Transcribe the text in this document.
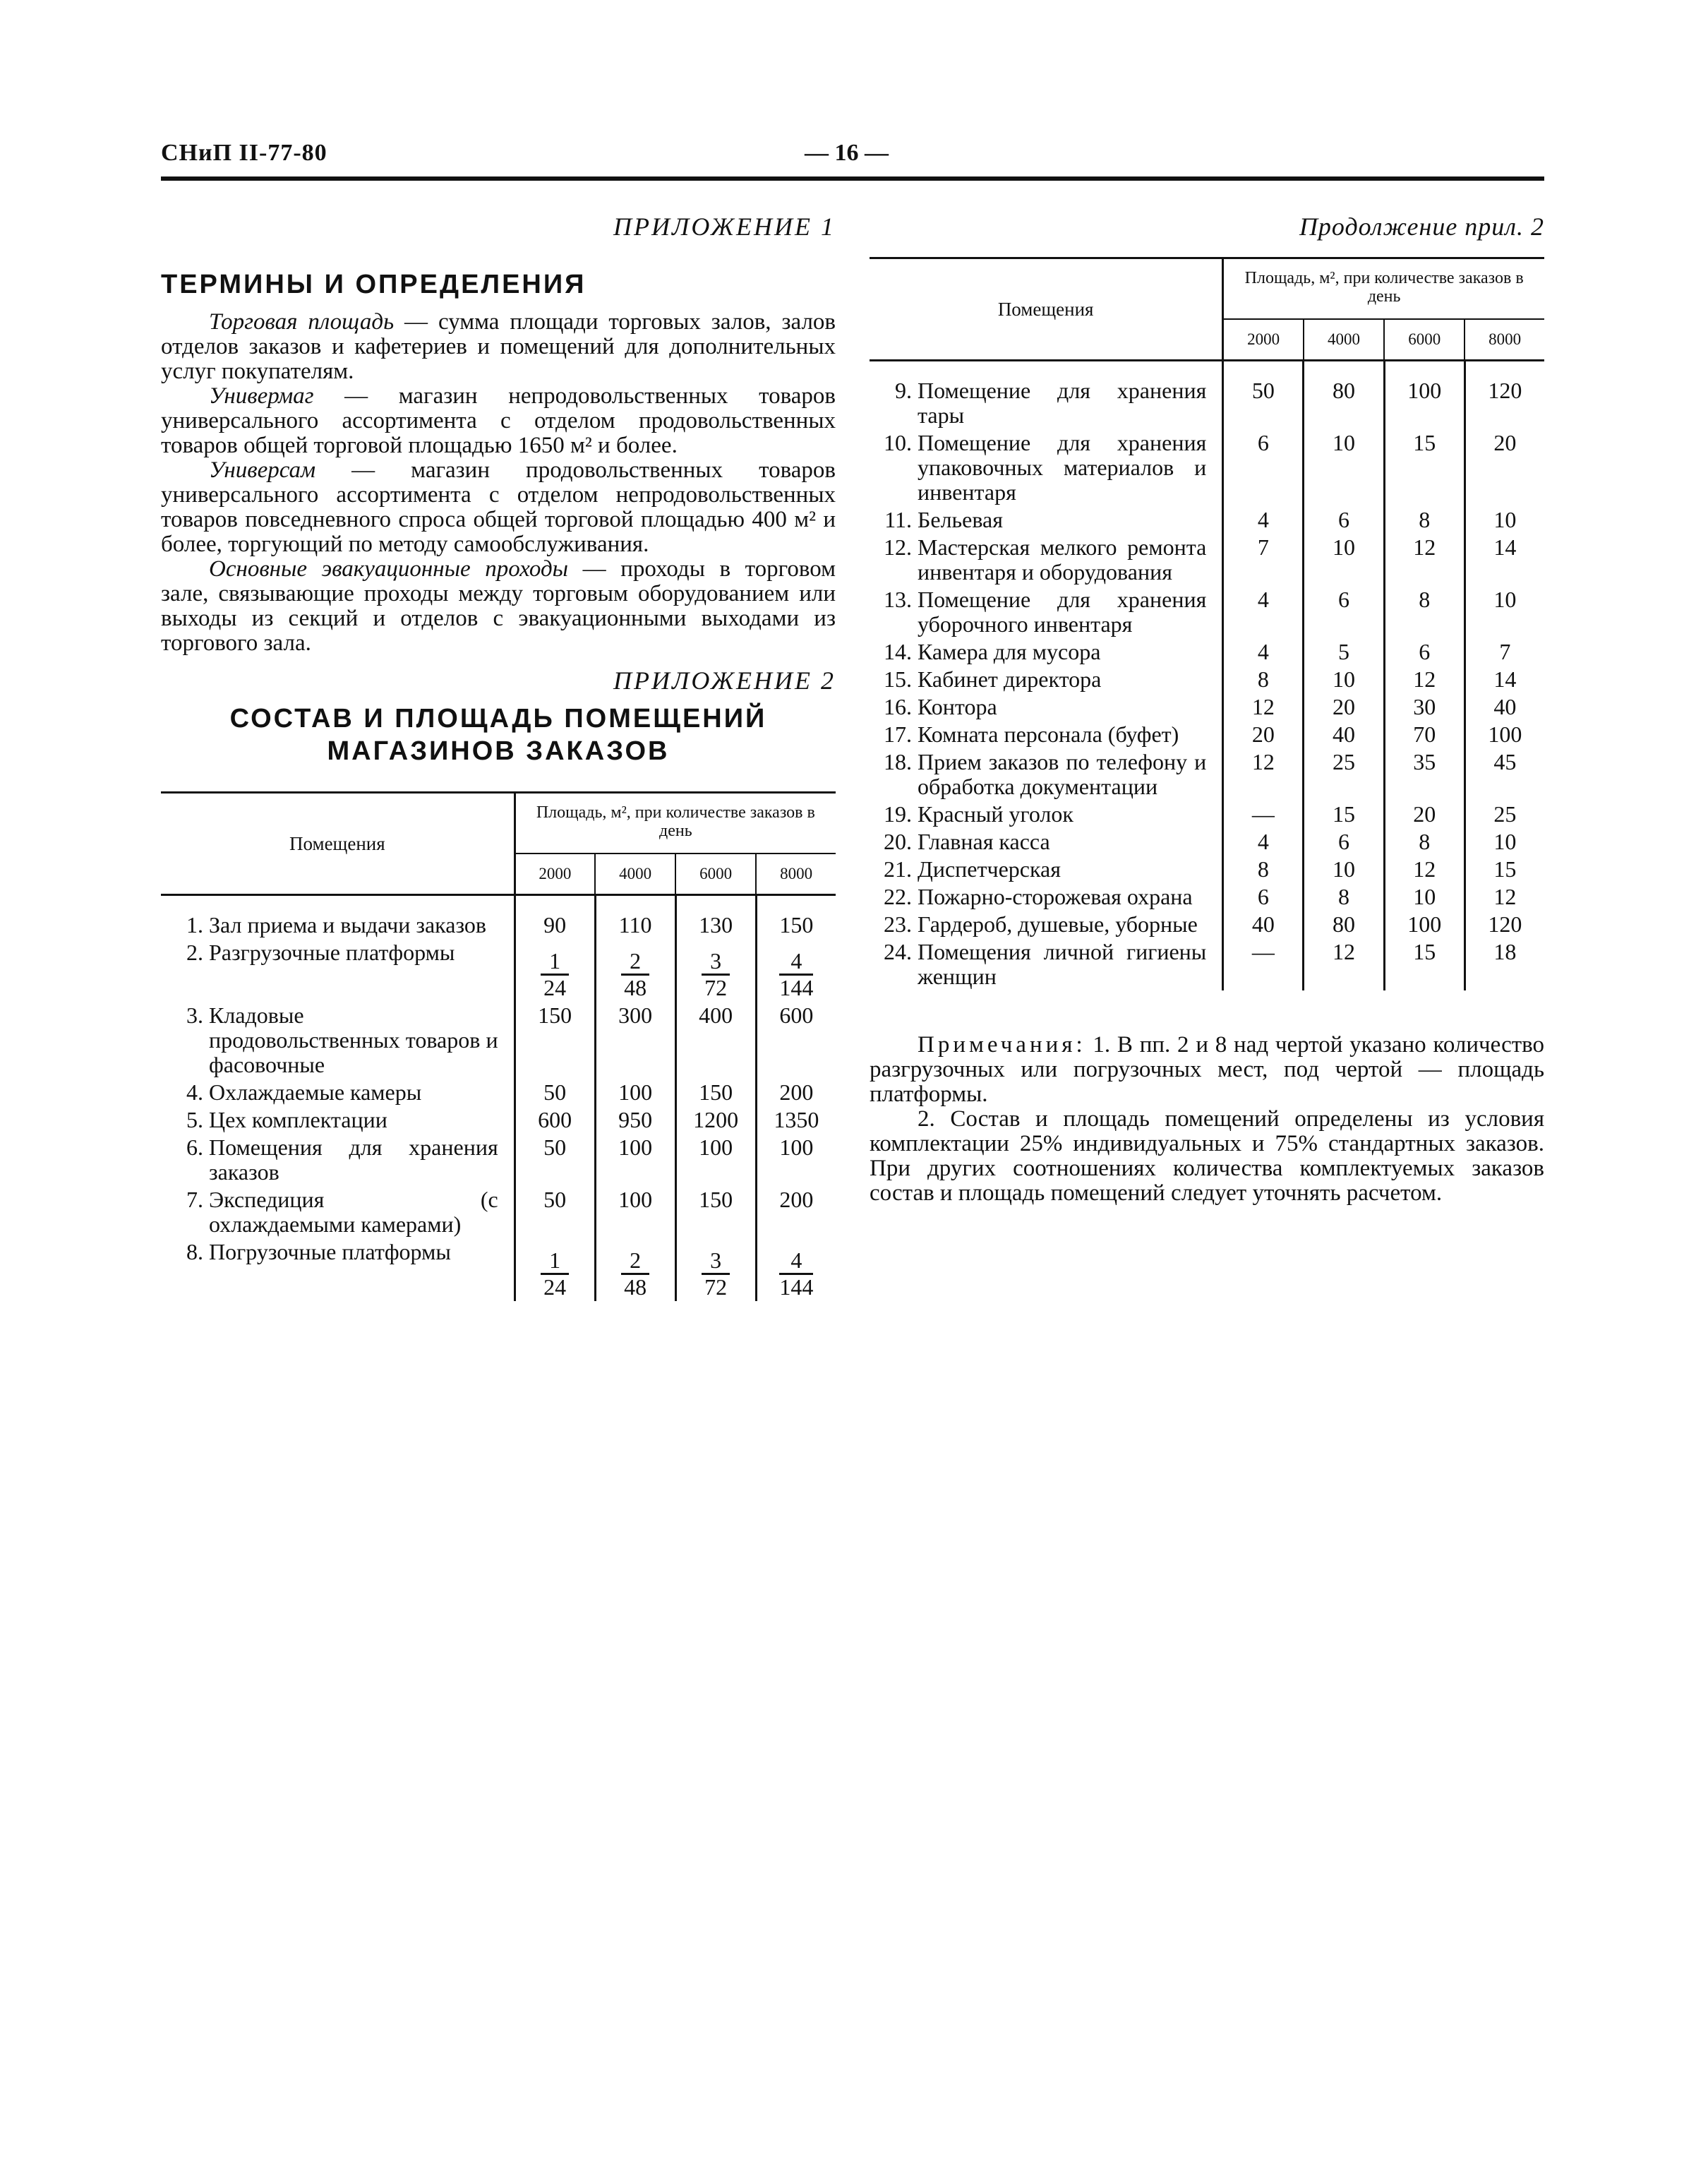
СНиП II-77-80	— 16 —
ПРИЛОЖЕНИЕ 1
ТЕРМИНЫ И ОПРЕДЕЛЕНИЯ

Торговая площадь — сумма площади торговых залов, залов отделов заказов и кафетериев и помещений для дополнительных услуг покупателям.

Универмаг — магазин непродовольственных товаров универсального ассортимента с отделом продовольственных товаров общей торговой площадью 1650 м² и более.

Универсам — магазин продовольственных товаров универсального ассортимента с отделом непродовольственных товаров повседневного спроса общей торговой площадью 400 м² и более, торгующий по методу самообслуживания.

Основные эвакуационные проходы — проходы в торговом зале, связывающие проходы между торговым оборудованием или выходы из секций и отделов с эвакуационными выходами из торгового зала.

ПРИЛОЖЕНИЕ 2
СОСТАВ И ПЛОЩАДЬ ПОМЕЩЕНИЙ
МАГАЗИНОВ ЗАКАЗОВ
Помещения	Площадь, м², при количестве заказов в день			
	2000	4000	6000	8000

1. Зал приема и выдачи заказов	90	110	130	150

2. Разгрузочные платформы	$\frac{1}{24}$	$\frac{2}{48}$	$\frac{3}{72}$	$\frac{4}{144}$

3. Кладовые продовольственных товаров и фасовочные	150	300	400	600

4. Охлаждаемые камеры	50	100	150	200

5. Цех комплектации	600	950	1200	1350

6. Помещения для хранения заказов	50	100	100	100

7. Экспедиция (с охлаждаемыми камерами)	50	100	150	200

8. Погрузочные платформы	$\frac{1}{24}$	$\frac{2}{48}$	$\frac{3}{72}$	$\frac{4}{144}$
Продолжение прил. 2
Помещения	Площадь, м², при количестве заказов в день			
	2000	4000	6000	8000

9. Помещение для хранения тары	50	80	100	120

10. Помещение для хранения упаковочных материалов и инвентаря	6	10	15	20

11. Бельевая	4	6	8	10

12. Мастерская мелкого ремонта инвентаря и оборудования	7	10	12	14

13. Помещение для хранения уборочного инвентаря	4	6	8	10

14. Камера для мусора	4	5	6	7

15. Кабинет директора	8	10	12	14

16. Контора	12	20	30	40

17. Комната персонала (буфет)	20	40	70	100

18. Прием заказов по телефону и обработка документации	12	25	35	45

19. Красный уголок	—	15	20	25

20. Главная касса	4	6	8	10

21. Диспетчерская	8	10	12	15

22. Пожарно-сторожевая охрана	6	8	10	12

23. Гардероб, душевые, уборные	40	80	100	120

24. Помещения личной гигиены женщин	—	12	15	18

Примечания: 1. В пп. 2 и 8 над чертой указано количество разгрузочных или погрузочных мест, под чертой — площадь платформы.

2. Состав и площадь помещений определены из условия комплектации 25% индивидуальных и 75% стандартных заказов. При других соотношениях количества комплектуемых заказов состав и площадь помещений следует уточнять расчетом.
